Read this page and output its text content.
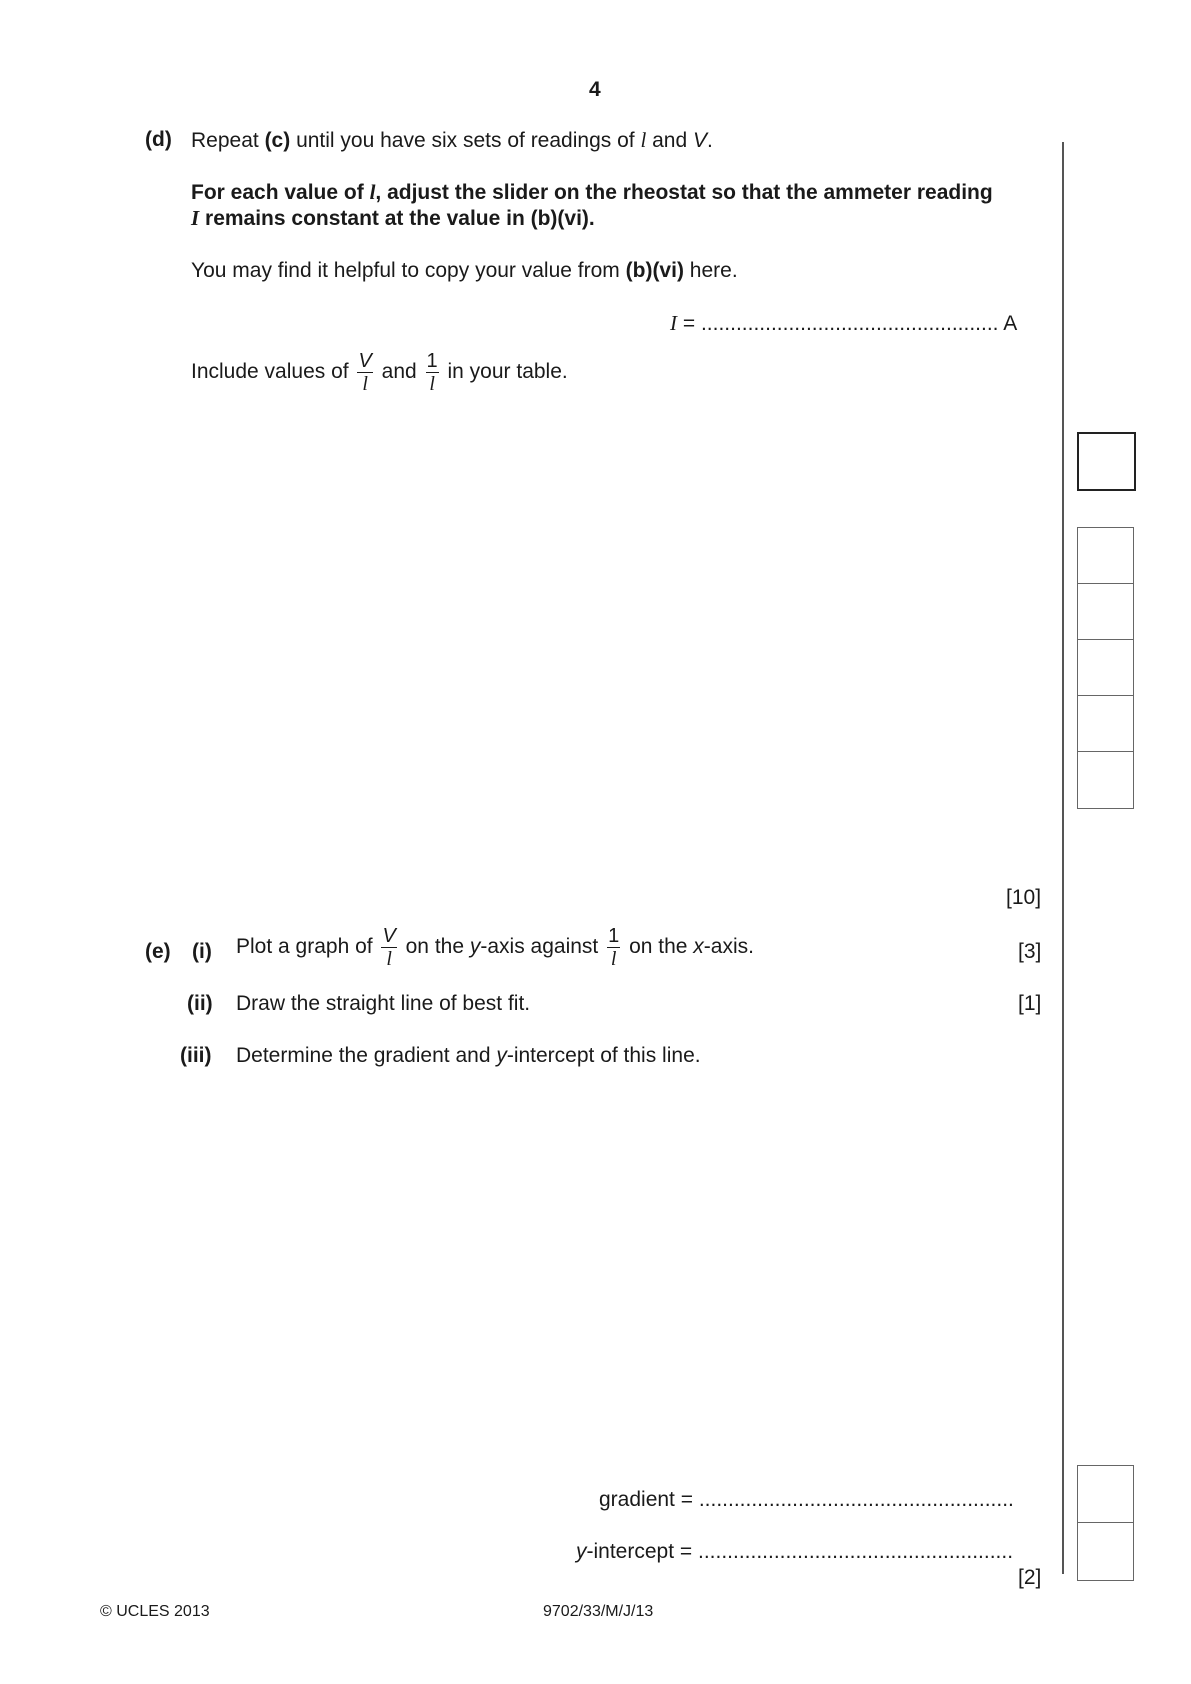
4
(d) Repeat (c) until you have six sets of readings of l and V.
For each value of l, adjust the slider on the rheostat so that the ammeter reading
I remains constant at the value in (b)(vi).
You may find it helpful to copy your value from (b)(vi) here.
I = ................................................... A
Include values of $\frac{V}{l}$ and $\frac{1}{l}$ in your table.
[10]
(e) (i) Plot a graph of $\frac{V}{l}$ on the y-axis against $\frac{1}{l}$ on the x-axis.	[3]
(ii) Draw the straight line of best fit.	[1]
(iii) Determine the gradient and y-intercept of this line.
gradient = ......................................................
y-intercept = ......................................................
[2]
© UCLES 2013	9702/33/M/J/13
